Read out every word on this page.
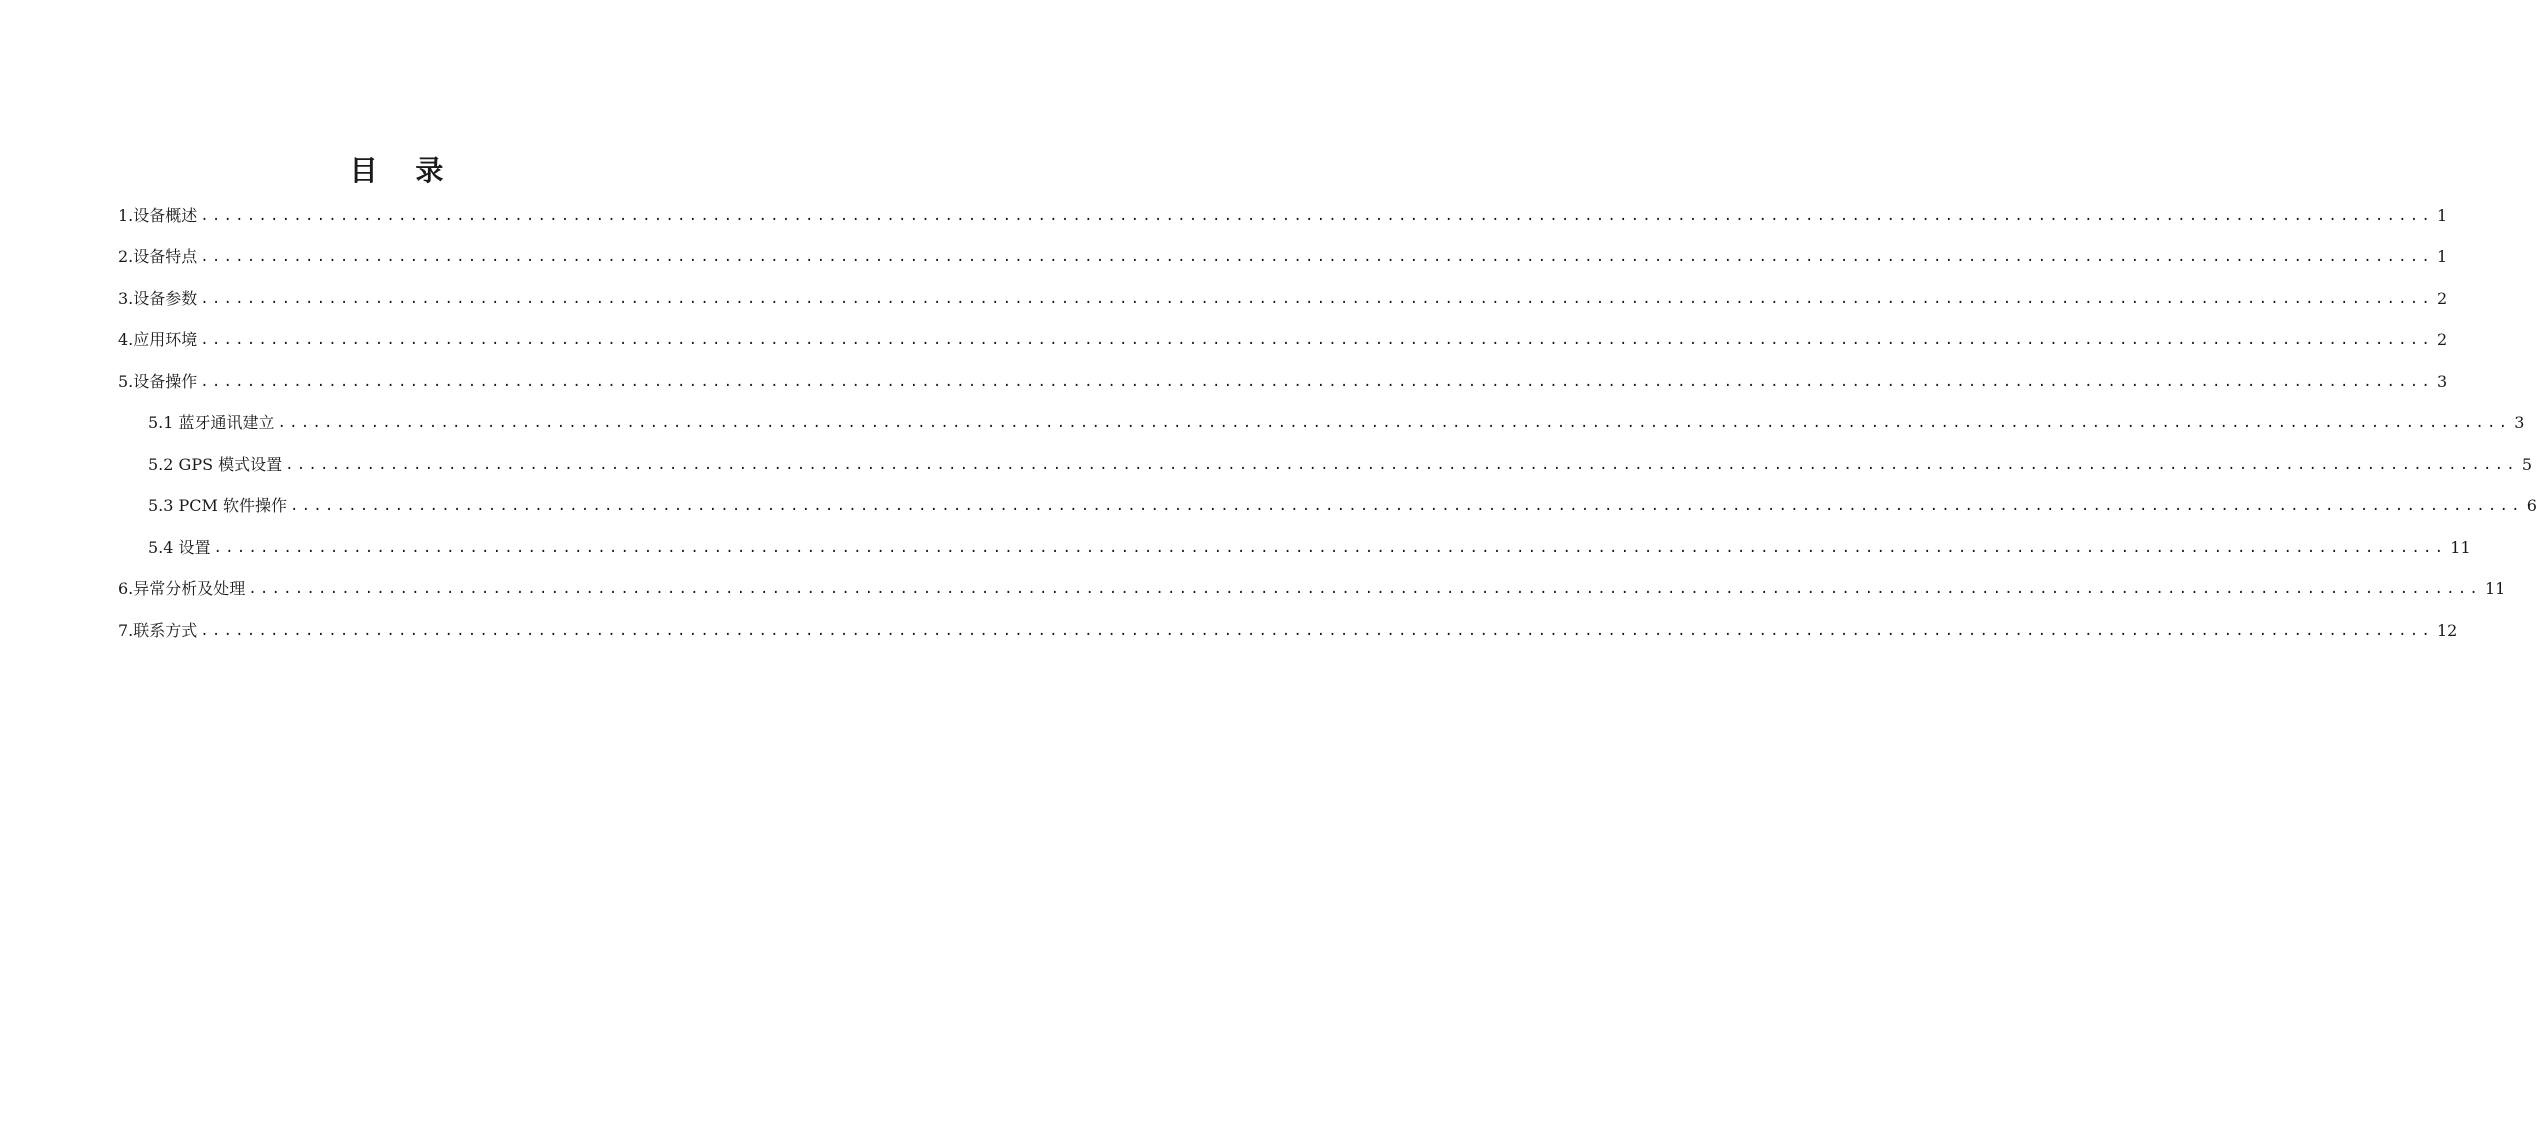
目 录
1.设备概述 ................................................................................................................................................................................................ 1
2.设备特点 ................................................................................................................................................................................................ 1
3.设备参数 ................................................................................................................................................................................................ 2
4.应用环境 ................................................................................................................................................................................................ 2
5.设备操作 ................................................................................................................................................................................................ 3
5.1 蓝牙通讯建立 ................................................................................................................................................................................................ 3
5.2 GPS 模式设置 ................................................................................................................................................................................................ 5
5.3 PCM 软件操作 ................................................................................................................................................................................................ 6
5.4 设置 ................................................................................................................................................................................................ 11
6.异常分析及处理 ................................................................................................................................................................................................ 11
7.联系方式 ................................................................................................................................................................................................ 12
